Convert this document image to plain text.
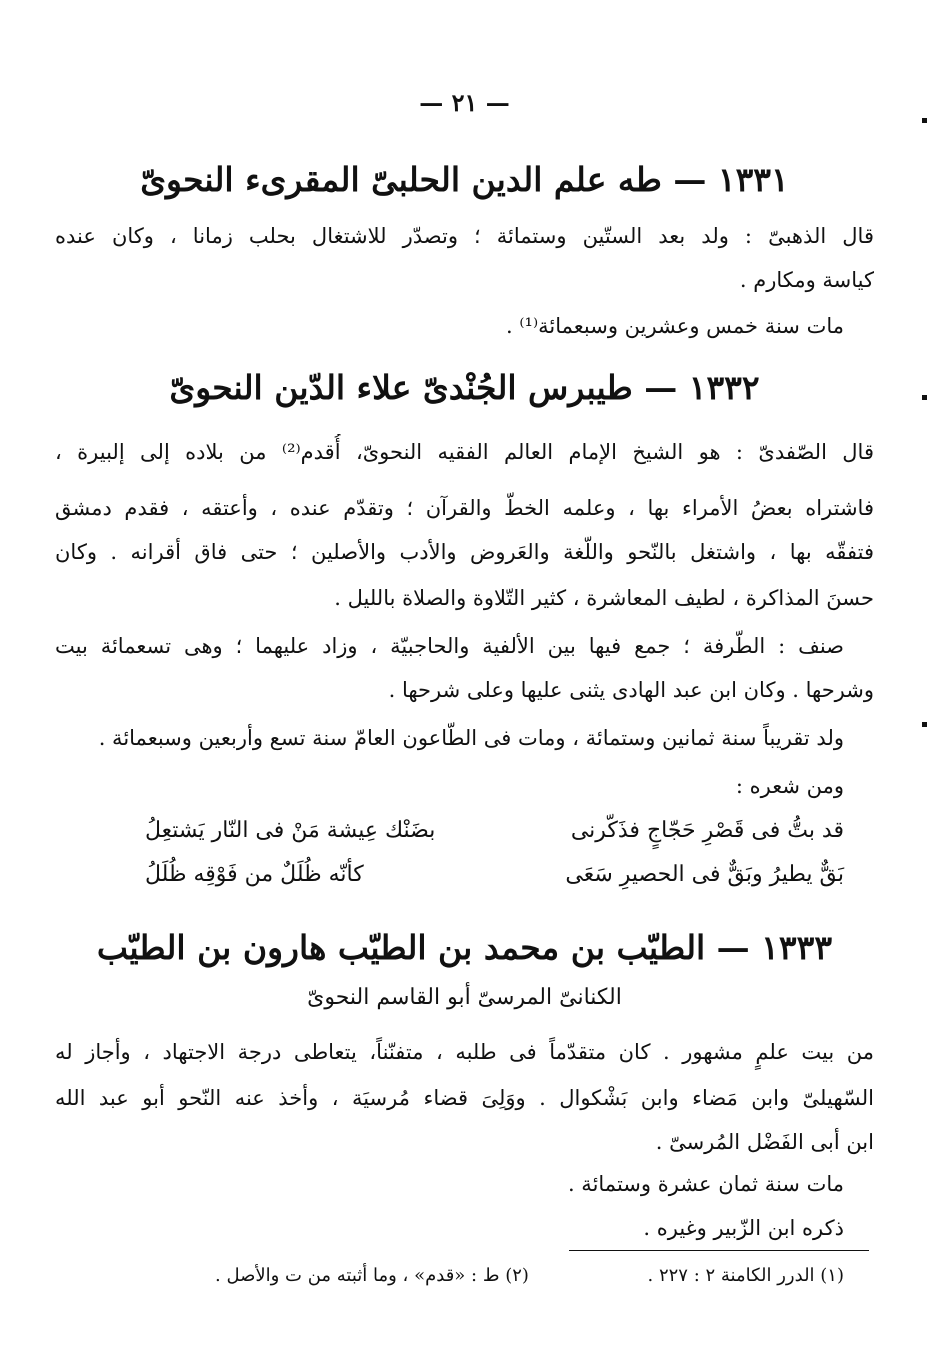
— ٢١ —
١٣٣١ — طه علم الدين الحلبىّ المقرىء النحوىّ
قال الذهبىّ : ولد بعد الستّين وستمائة ؛ وتصدّر للاشتغال بحلب زمانا ، وكان عنده
كياسة ومكارم .
مات سنة خمس وعشرين وسبعمائة⁽¹⁾ .
١٣٣٢ — طيبرس الجُنْدىّ علاء الدّين النحوىّ
قال الصّفدىّ : هو الشيخ الإمام العالم الفقيه النحوىّ، أُقدم⁽²⁾ من بلاده إلى إلبيرة ،
فاشتراه بعضُ الأمراء بها ، وعلمه الخطّ والقرآن ؛ وتقدّم عنده ، وأعتقه ، فقدم دمشق
فتفقّه بها ، واشتغل بالنّحو واللّغة والعَروض والأدب والأصلين ؛ حتى فاق أقرانه . وكان
حسنَ المذاكرة ، لطيف المعاشرة ، كثير التّلاوة والصلاة بالليل .
صنف : الطّرفة ؛ جمع فيها بين الألفية والحاجبيّة ، وزاد عليهما ؛ وهى تسعمائة بيت
وشرحها . وكان ابن عبد الهادى يثنى عليها وعلى شرحها .
ولد تقريباً سنة ثمانين وستمائة ، ومات فى الطّاعون العامّ سنة تسع وأربعين وسبعمائة .
ومن شعره :
قد بتُّ فى قَصْرِ حَجّاجٍ فذَكّرنى
بضَنْك عِيشة مَنْ فى النّار يَشتعِلُ
بَقٌّ يطيرُ وبَقٌّ فى الحصيرِ سَعَى
كأنّه ظُلَلٌ من فَوْقِه ظُلَلُ
١٣٣٣ — الطيّب بن محمد بن الطيّب هارون بن الطيّب
الكنانىّ المرسىّ أبو القاسم النحوىّ
من بيت علمٍ مشهور . كان متقدّماً فى طلبه ، متفنّناً، يتعاطى درجة الاجتهاد ، وأجاز له
السّهيلىّ وابن مَضاء وابن بَشْكوال . ووَلِىَ قضاء مُرسيَة ، وأخذ عنه النّحو أبو عبد الله
ابن أبى الفَضْل المُرسىّ .
مات سنة ثمان عشرة وستمائة .
ذكره ابن الزّبير وغيره .
(١) الدرر الكامنة ٢ : ٢٢٧ .
(٢) ط : «قدم» ، وما أثبته من ت والأصل .
